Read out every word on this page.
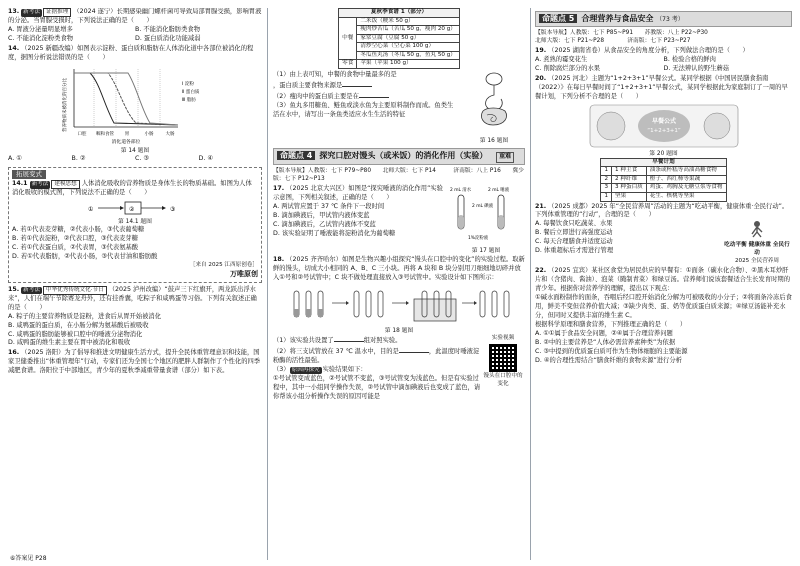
13. 新考法 证据推理 （2024 遂宁）长期感染幽门螺杆菌可导致局部胃腺受损，影响胃液的分泌。当胃腺受损时，下列说法正确的是（　　）
A. 胃液分泌量明显增多	B. 不能消化脂肪类食物
C. 不能消化淀粉类食物	D. 蛋白质消化功能减弱
14. （2025 新疆改编）如图表示淀粉、蛋白质和脂肪在人体消化道中各部位被消化的程度，据图分析说法错误的是（　　）
营养物质未被消化的百分比
口腔 咽和食管 胃	小肠	大肠
消化道各部位
Ⅰ 淀粉
Ⅱ 蛋白质
Ⅲ 脂肪
第 14 题图
A. ①	B. ②	C. ③	D. ④
拓展变式
14.1 新考法 建模思想 人体消化吸收的营养物质是身体生长的物质基础。如图为人体消化吸收的模式图，下列说法不正确的是（　　）
①	②	③
第 14.1 题图
A. 若①代表麦芽糖，②代表小肠，③代表葡萄糖
B. 若①代表淀粉，②代表口腔，③代表麦芽糖
C. 若①代表蛋白质，②代表胃，③代表氨基酸
D. 若①代表脂肪，②代表小肠，③代表甘油和脂肪酸
［来自 2025 江西原创卷］
万唯原创
15. 新考法 中华优秀传统文化·节日 （2025 泸州改编）“鼓声三下红旗开，两龙跃出浮水来”，人们在端午节除赛龙舟外，还有挂香囊，吃粽子和咸鸭蛋等习俗。下列有关叙述正确的是（　　）
A. 粽子的主要营养物质是淀粉，进食后从胃开始被消化
B. 咸鸭蛋的蛋白质，在小肠分解为氨基酸后被吸收
C. 咸鸭蛋的脂肪能够被口腔中的唾液分泌物消化
D. 咸鸭蛋的维生素主要在胃中被消化和吸收
16. （2025 洛阳）为了倡导和推进文明健康生活方式，提升全民体重管理意识和技能，国家卫健委推出“体重管理年”行动，专家们还为全国七个地区的肥胖人群制作了个性化的四季减肥食谱。洛阳位于中部地区，青少年的夏秋季减重带量食谱（部分）如下表。
⑥答案见 P28
夏秋季食谱 1（部分）	
中餐	二米饭（粳米 50 g）
	瘦肉炒苦瓜（苦瓜 50 g，瘦肉 20 g）
	家常豆腐（豆腐 50 g）
	清炒空心菜（空心菜 100 g）
	冬瓜鱼丸汤（冬瓜 50 g，鱼丸 50 g）
零食	苹果（苹果 100 g）
（1）由上表可知，中餐的食物中量最多的是
，蛋白质主要食物来源是
（2）瘦肉中的蛋白质主要是在
（3）鱼丸多用糖鱼、鲢鱼或淡水鱼为主要原料制作而成。鱼类生活在水中，请写出一条鱼类适应水生生活的特征
第 16 题图
命题点 4 探究口腔对馒头（或米饭）的消化作用（实验） 重难
【版本导航】人教版：七下 P79~P80　　北师大版：七下 P14　　　济南版：八上 P16　　冀少版：七下 P12~P13
17. （2025 北京大兴区）如图是“探究唾液的消化作用”实验示意图，下列相关叙述，正确的是（　　）
A. 两试管应置于 37 ℃ 条件下一段时间
B. 滴加碘液后，甲试管内液体变蓝
C. 滴加碘液后，乙试管内液体不变蓝
D. 该实验证明了唾液能将淀粉消化为葡萄糖
2 mL 清水	2 mL 唾液
2 mL 碘液
1%淀粉液
第 17 题图
18. （2025 齐齐哈尔）如图是生物兴趣小组探究“馒头在口腔中的变化”的实验过程。取新鲜的馒头，切成大小相同的 A、B、C 三小块。再将 A 块和 B 块分别用刀细细地切碎并放入①号和②号试管中；C 块不做处理直接放入③号试管中。实验设计如下图所示：
第 18 题图
（1）该实验共设置了	组对照实验。
（2）将三支试管放在 37 ℃ 温水中，目的是	，此温度时唾液淀粉酶的活性最强。
（3） 原因再探究 实验结果如下：
①号试管变成蓝色，②号试管不变蓝，③号试管变为浅蓝色。但是有实验过程中，其中一小组同学操作失误，②号试管中滴加碘液后也变成了蓝色，请你帮该小组分析操作失误的原因可能是
实验视频
馒头在口腔中的变化
命题点 5 合理营养与食品安全 （73 考）
【版本导航】人教版：七下 P85~P91　　苏教版：八上 P22~P30
北师大版：七下 P21~P28　　　　济南版：七下 P23~P27
19. （2025 湖南省卷）从食品安全的角度分析，下列做法合理的是（　　）
A. 煮熟的霉变花生	B. 检验合格的鲜肉
C. 削除腐烂部分的水果	D. 无法辨认的野生蘑菇
20. （2025 河北）主题为“1+2+3+1”早餐公式。某同学根据《中国居民膳食指南（2022）》在每日早餐时间了“1+2+3+1”早餐公式，某同学根据此为家庭制订了一周的早餐计划，下列分析不合理的是（　　）
早餐公式
“1+2+3+1”
第 20 题图
早餐计划		
1	1 种主食	油条或杯糕等高油高糖食物
2	2 种纤维	橙子、西红柿等果蔬
3	3 种蛋白质	鸡蛋、鸡胸及无糖豆浆等食物
1	坚果	花生、核桃等坚果
21. （2025 成都）2025 年“全民营养周”活动的主题为“吃动平衡，健康体重·全民行动”。下列体重管理的“行动”，合理的是（　　）
A. 每餐饮食只吃蔬菜、水果
B. 餐后立即进行高强度运动
C. 每天合理膳食并适度运动
D. 体重超标后才需进行管理
吃动平衡 健康体重 全民行动
2025 全民营养周
22. （2025 宜宾）某社区食堂为居民供应的早餐有：①面条（碳水化合物）、②黑木耳炒肝片和（含猪肉、酱油）、泡菜（腌制青菜）和绿豆汤。营养师们说该套餐适合生长发育时期的青少年。根据你对营养学的理解，提出以下观点：
①碱水面粉制作的面条，吞咽后经口腔开始消化分解为可被吸收的小分子；②将面条冷冻后食用，鲜美不变但营养价值大减；③缺少肉类、蛋、奶等优质蛋白质来源；④绿豆汤能补充水分，但同时又提供丰富的维生素 C。
根据科学原理和膳食营养，下列推理正确的是（　　）
A. ①①属于食品安全问题，②④属于合理营养问题
B. ②中的主要营养是“人体必需营养素种类”为依据
C. ③中提到的优质蛋白质可作为生物体细胞的主要能源
D. ④的合理性需结合“膳食纤维的食物来源”进行分析
